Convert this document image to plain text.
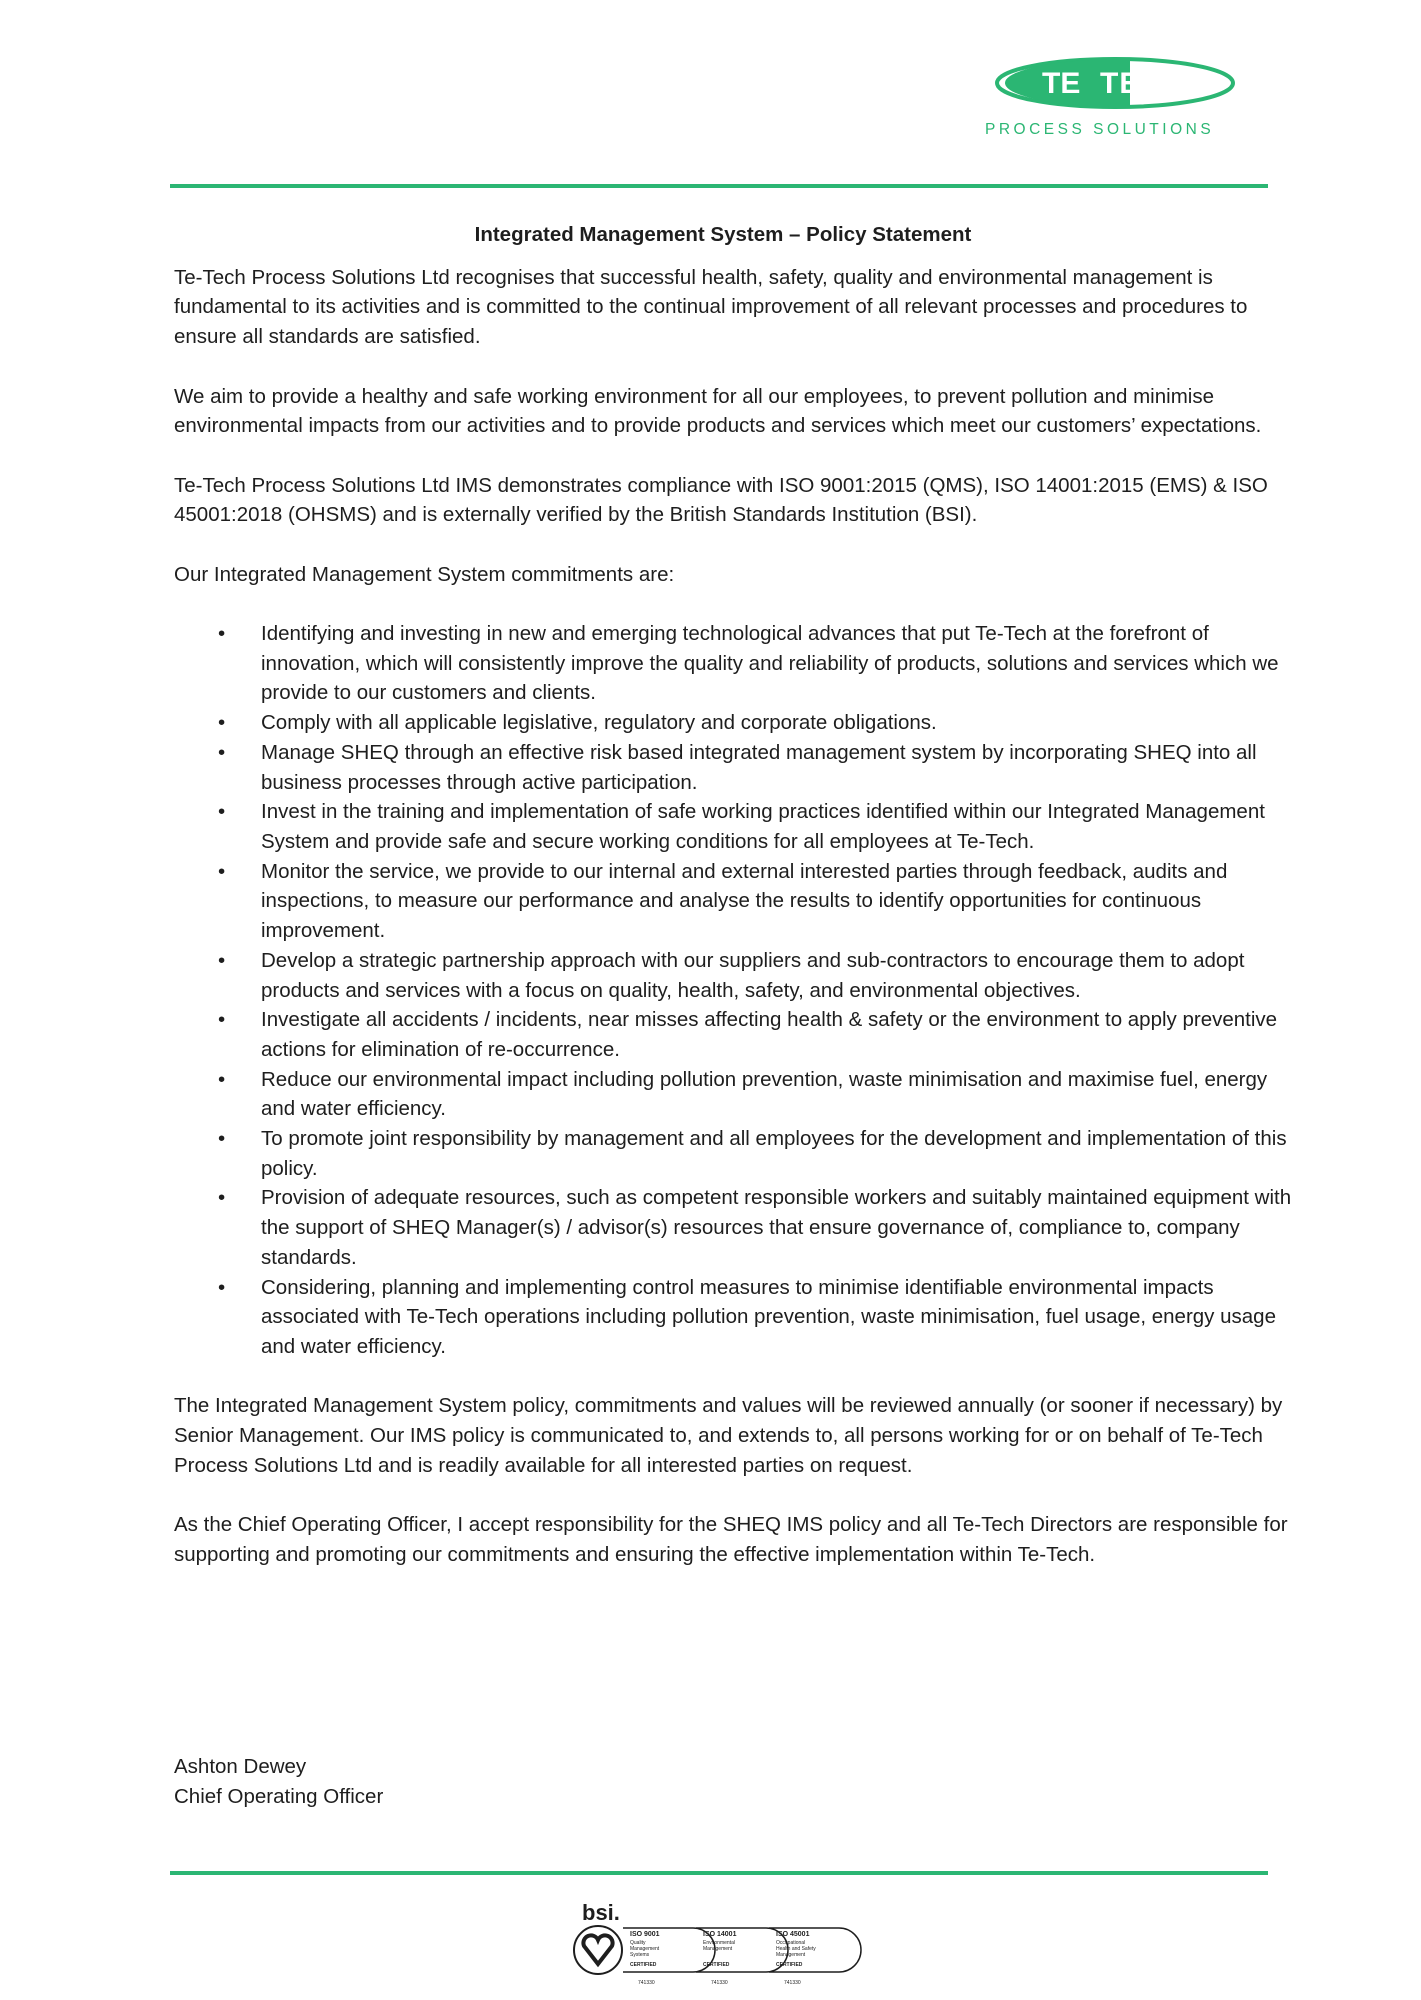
TE TECH
PROCESS SOLUTIONS
Integrated Management System – Policy Statement

Te-Tech Process Solutions Ltd recognises that successful health, safety, quality and environmental management is fundamental to its activities and is committed to the continual improvement of all relevant processes and procedures to ensure all standards are satisfied.

We aim to provide a healthy and safe working environment for all our employees, to prevent pollution and minimise environmental impacts from our activities and to provide products and services which meet our customers’ expectations.

Te-Tech Process Solutions Ltd IMS demonstrates compliance with ISO 9001:2015 (QMS), ISO 14001:2015 (EMS) & ISO 45001:2018 (OHSMS) and is externally verified by the British Standards Institution (BSI).

Our Integrated Management System commitments are:

• Identifying and investing in new and emerging technological advances that put Te-Tech at the forefront of innovation, which will consistently improve the quality and reliability of products, solutions and services which we provide to our customers and clients.
• Comply with all applicable legislative, regulatory and corporate obligations.
• Manage SHEQ through an effective risk based integrated management system by incorporating SHEQ into all business processes through active participation.
• Invest in the training and implementation of safe working practices identified within our Integrated Management System and provide safe and secure working conditions for all employees at Te-Tech.
• Monitor the service, we provide to our internal and external interested parties through feedback, audits and inspections, to measure our performance and analyse the results to identify opportunities for continuous improvement.
• Develop a strategic partnership approach with our suppliers and sub-contractors to encourage them to adopt products and services with a focus on quality, health, safety, and environmental objectives.
• Investigate all accidents / incidents, near misses affecting health & safety or the environment to apply preventive actions for elimination of re-occurrence.
• Reduce our environmental impact including pollution prevention, waste minimisation and maximise fuel, energy and water efficiency.
• To promote joint responsibility by management and all employees for the development and implementation of this policy.
• Provision of adequate resources, such as competent responsible workers and suitably maintained equipment with the support of SHEQ Manager(s) / advisor(s) resources that ensure governance of, compliance to, company standards.
• Considering, planning and implementing control measures to minimise identifiable environmental impacts associated with Te-Tech operations including pollution prevention, waste minimisation, fuel usage, energy usage and water efficiency.

The Integrated Management System policy, commitments and values will be reviewed annually (or sooner if necessary) by Senior Management. Our IMS policy is communicated to, and extends to, all persons working for or on behalf of Te-Tech Process Solutions Ltd and is readily available for all interested parties on request.

As the Chief Operating Officer, I accept responsibility for the SHEQ IMS policy and all Te-Tech Directors are responsible for supporting and promoting our commitments and ensuring the effective implementation within Te-Tech.

Ashton Dewey
Chief Operating Officer
bsi.
ISO 9001
Quality
Management
Systems
CERTIFIED
741330
ISO 14001
Environmental
Management
CERTIFIED
741330
ISO 45001
Occupational
Health and Safety
Management
CERTIFIED
741330
